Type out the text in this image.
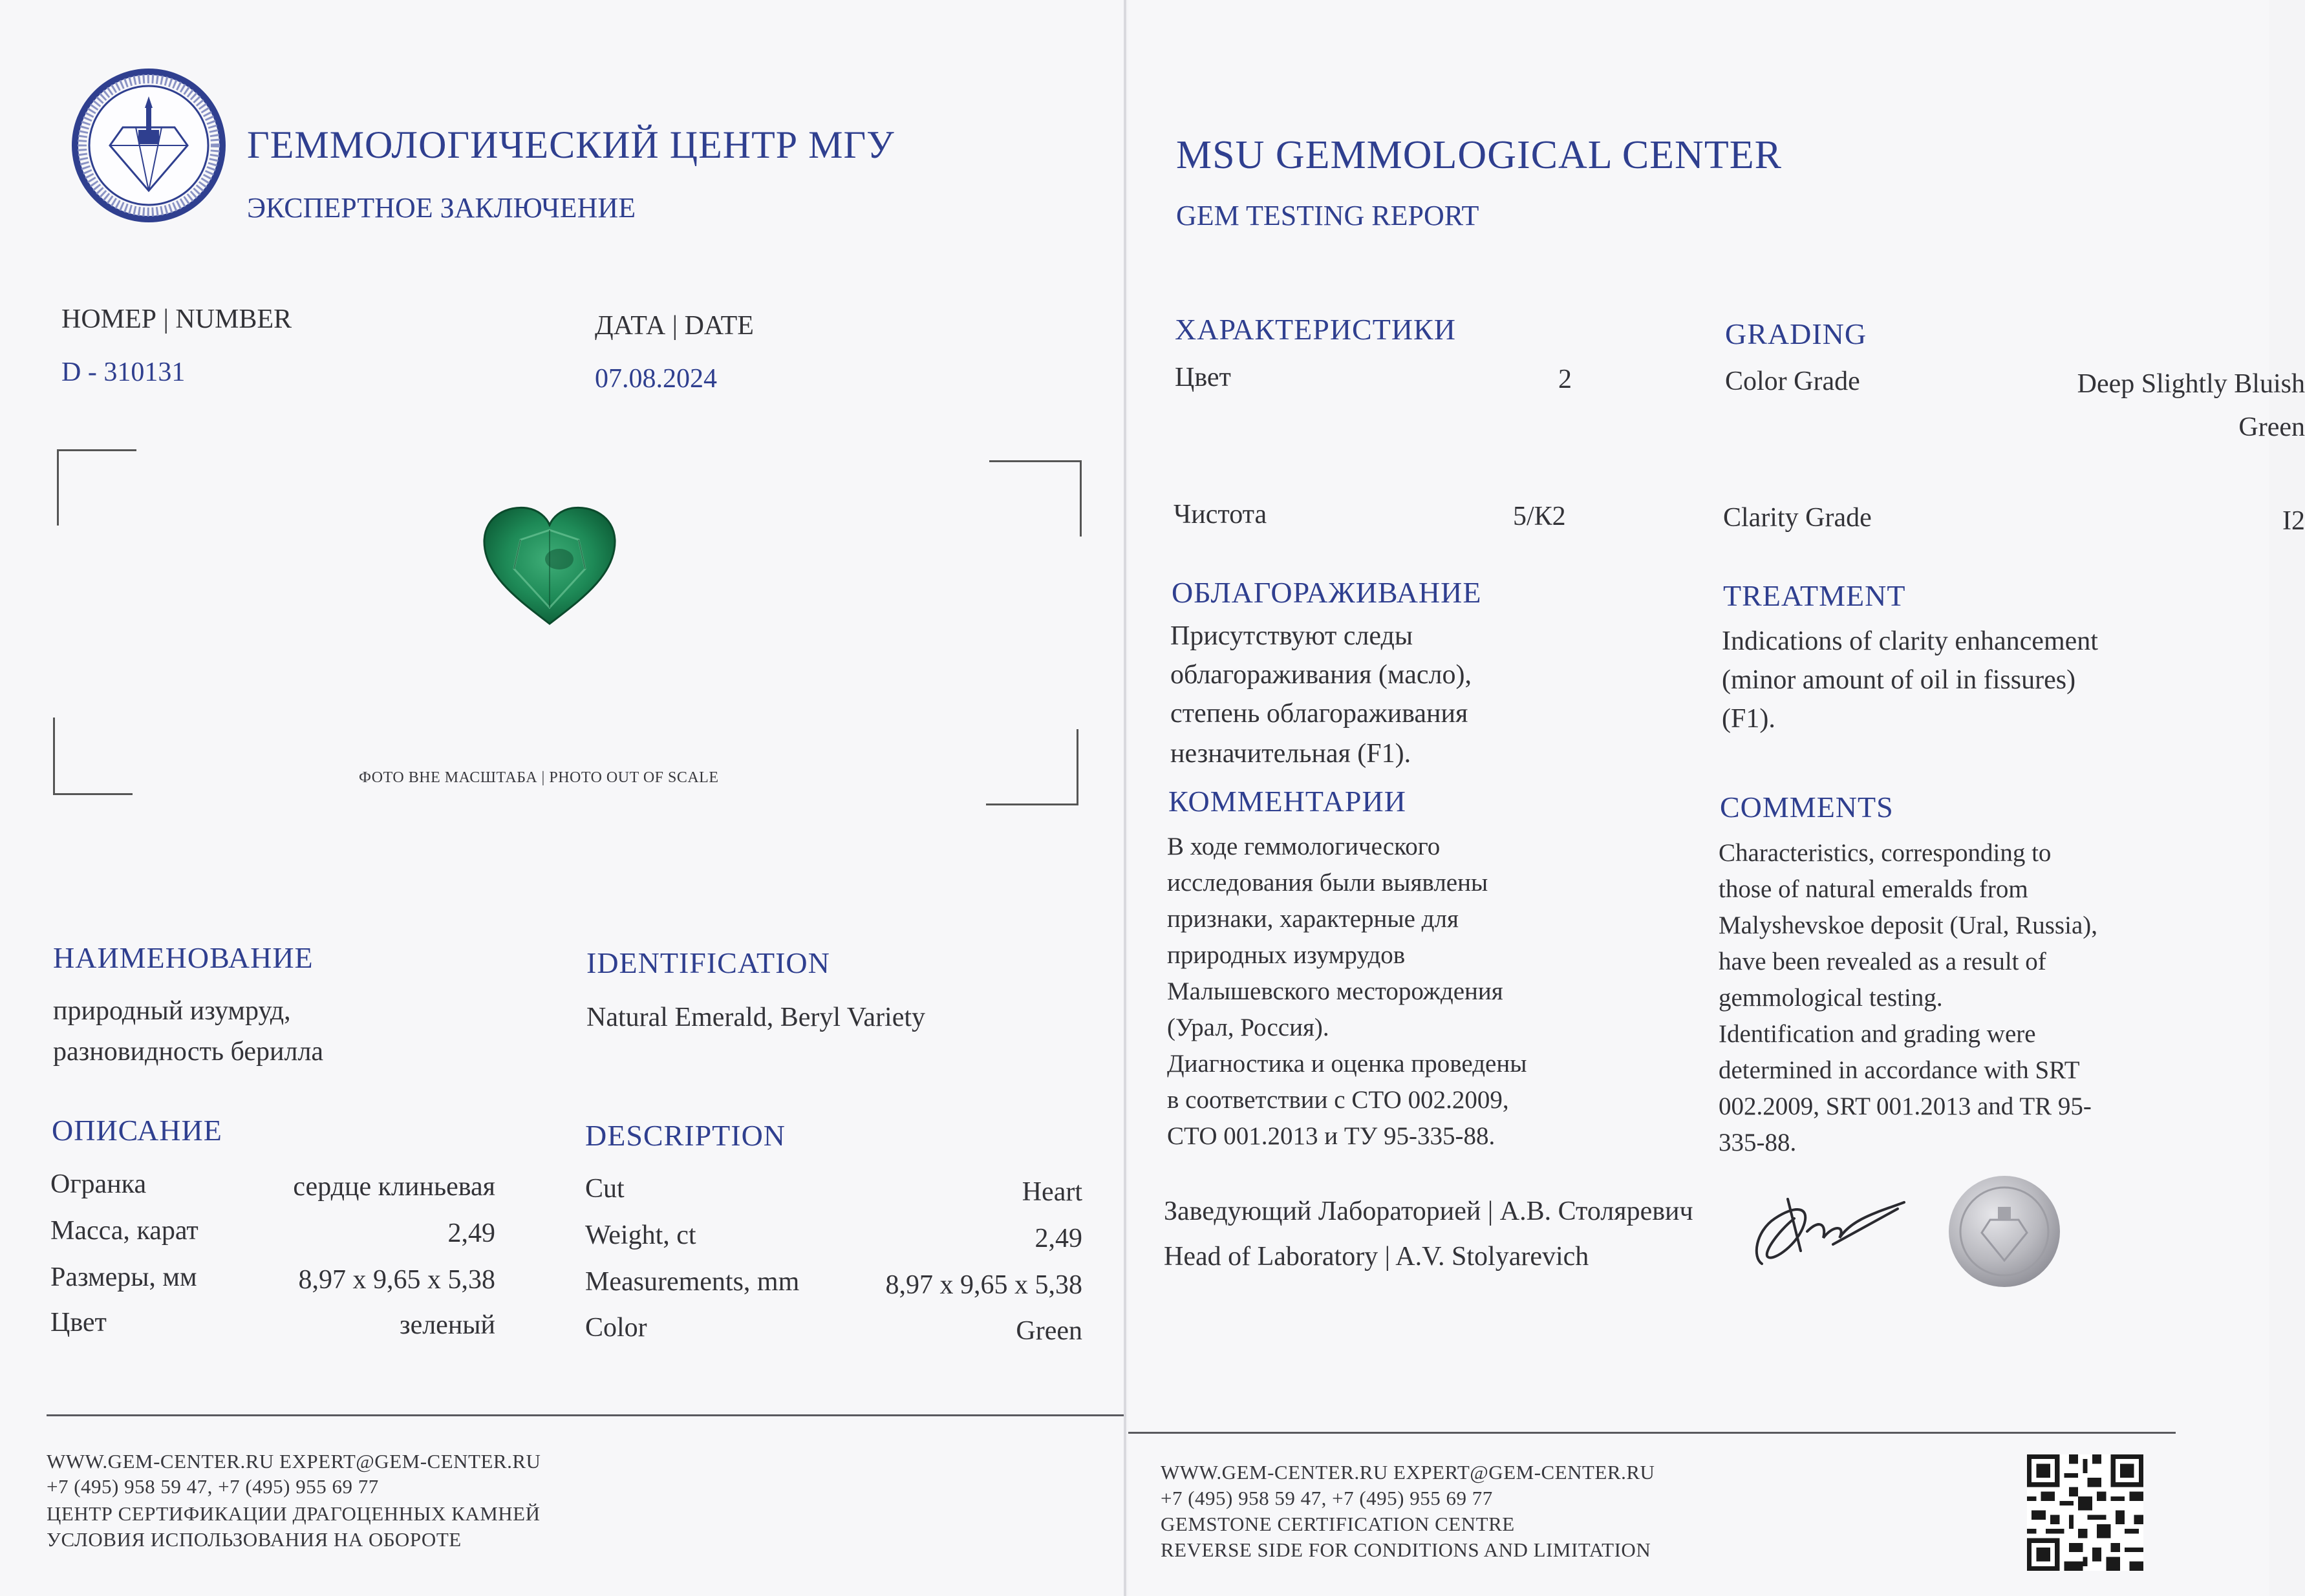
ГЕММОЛОГИЧЕСКИЙ ЦЕНТР МГУ
ЭКСПЕРТНОЕ ЗАКЛЮЧЕНИЕ
НОМЕР | NUMBER
D - 310131
ДАТА | DATE
07.08.2024
ФОТО ВНЕ МАСШТАБА | PHOTO OUT OF SCALE
НАИМЕНОВАНИЕ
природный изумруд,
разновидность берилла
IDENTIFICATION
Natural Emerald, Beryl Variety
ОПИСАНИЕ
Огранка	сердце клиньевая
Масса, карат	2,49
Размеры, мм	8,97 x 9,65 x 5,38
Цвет	зеленый
DESCRIPTION
Cut	Heart
Weight, ct	2,49
Measurements, mm	8,97 x 9,65 x 5,38
Color	Green
WWW.GEM-CENTER.RU EXPERT@GEM-CENTER.RU
+7 (495) 958 59 47, +7 (495) 955 69 77
ЦЕНТР СЕРТИФИКАЦИИ ДРАГОЦЕННЫХ КАМНЕЙ
УСЛОВИЯ ИСПОЛЬЗОВАНИЯ НА ОБОРОТЕ
MSU GEMMOLOGICAL CENTER
GEM TESTING REPORT
ХАРАКТЕРИСТИКИ
Цвет	2
Чистота	5/К2
GRADING
Color Grade	Deep Slightly Bluish
Green
Clarity Grade	I2
ОБЛАГОРАЖИВАНИЕ
Присутствуют следы
облагораживания (масло),
степень облагораживания
незначительная (F1).
TREATMENT
Indications of clarity enhancement
(minor amount of oil in fissures)
(F1).
КОММЕНТАРИИ
В ходе геммологического
исследования были выявлены
признаки, характерные для
природных изумрудов
Малышевского месторождения
(Урал, Россия).
Диагностика и оценка проведены
в соответствии с СТО 002.2009,
СТО 001.2013 и ТУ 95-335-88.
COMMENTS
Characteristics, corresponding to
those of natural emeralds from
Malyshevskoe deposit (Ural, Russia),
have been revealed as a result of
gemmological testing.
Identification and grading were
determined in accordance with SRT
002.2009, SRT 001.2013 and TR 95-
335-88.
Заведующий Лабораторией | А.В. Столяревич
Head of Laboratory | A.V. Stolyarevich
WWW.GEM-CENTER.RU EXPERT@GEM-CENTER.RU
+7 (495) 958 59 47, +7 (495) 955 69 77
GEMSTONE CERTIFICATION CENTRE
REVERSE SIDE FOR CONDITIONS AND LIMITATION
